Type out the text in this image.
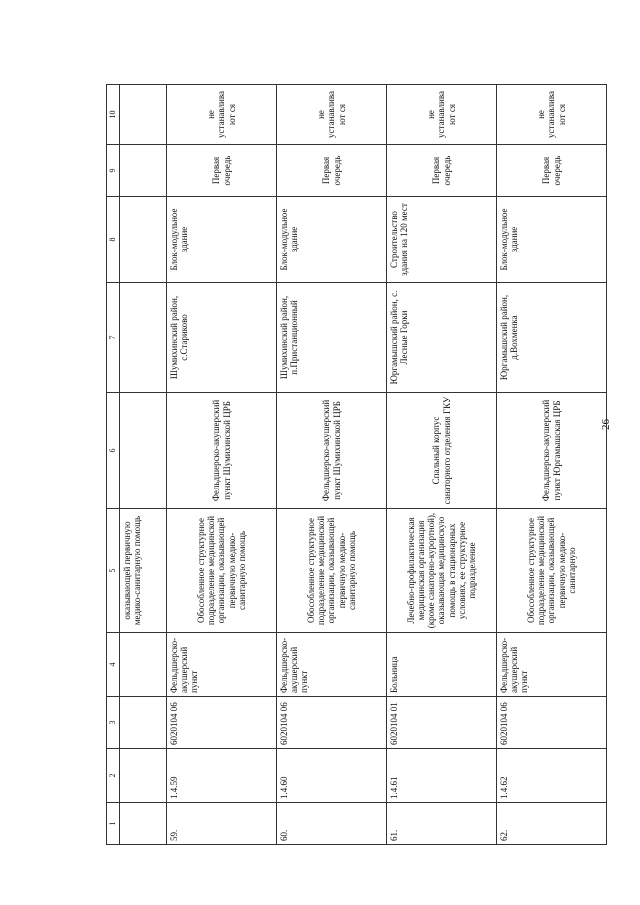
26
1	2	3	4	5	6	7	8	9	10
				оказывающей первичную медико-санитарную помощь					
59.	1.4.59	6020104 06	Фельдшерско-акушерский пункт	Обособленное структурное подразделение медицинской организации, оказывающей первичную медико-санитарную помощь	Фельдшерско-акушерский пункт Шумихинской ЦРБ	Шумихинский район, с.Стариково	Блок-модульное здание	Первая очередь	не устанавливают ся
60.	1.4.60	6020104 06	Фельдшерско-акушерский пункт	Обособленное структурное подразделение медицинской организации, оказывающей первичную медико-санитарную помощь	Фельдшерско-акушерский пункт Шумихинской ЦРБ	Шумихинский район, п.Пристанционный	Блок-модульное здание	Первая очередь	не устанавливают ся
61.	1.4.61	6020104 01	Больница	Лечебно-профилактическая медицинская организация (кроме санаторно-курортной), оказывающая медицинскую помощь в стационарных условиях, ее структурное подразделение	Спальный корпус санаторного отделения ГКУ	Юргамышский район, с. Лесные Горки	Строительство здания на 120 мест	Первая очередь	не устанавливают ся
62.	1.4.62	6020104 06	Фельдшерско-акушерский пункт	Обособленное структурное подразделение медицинской организации, оказывающей первичную медико-санитарную	Фельдшерско-акушерский пункт Юргамышская ЦРБ	Юргамышский район, д.Вохменка	Блок-модульное здание	Первая очередь	не устанавливают ся
